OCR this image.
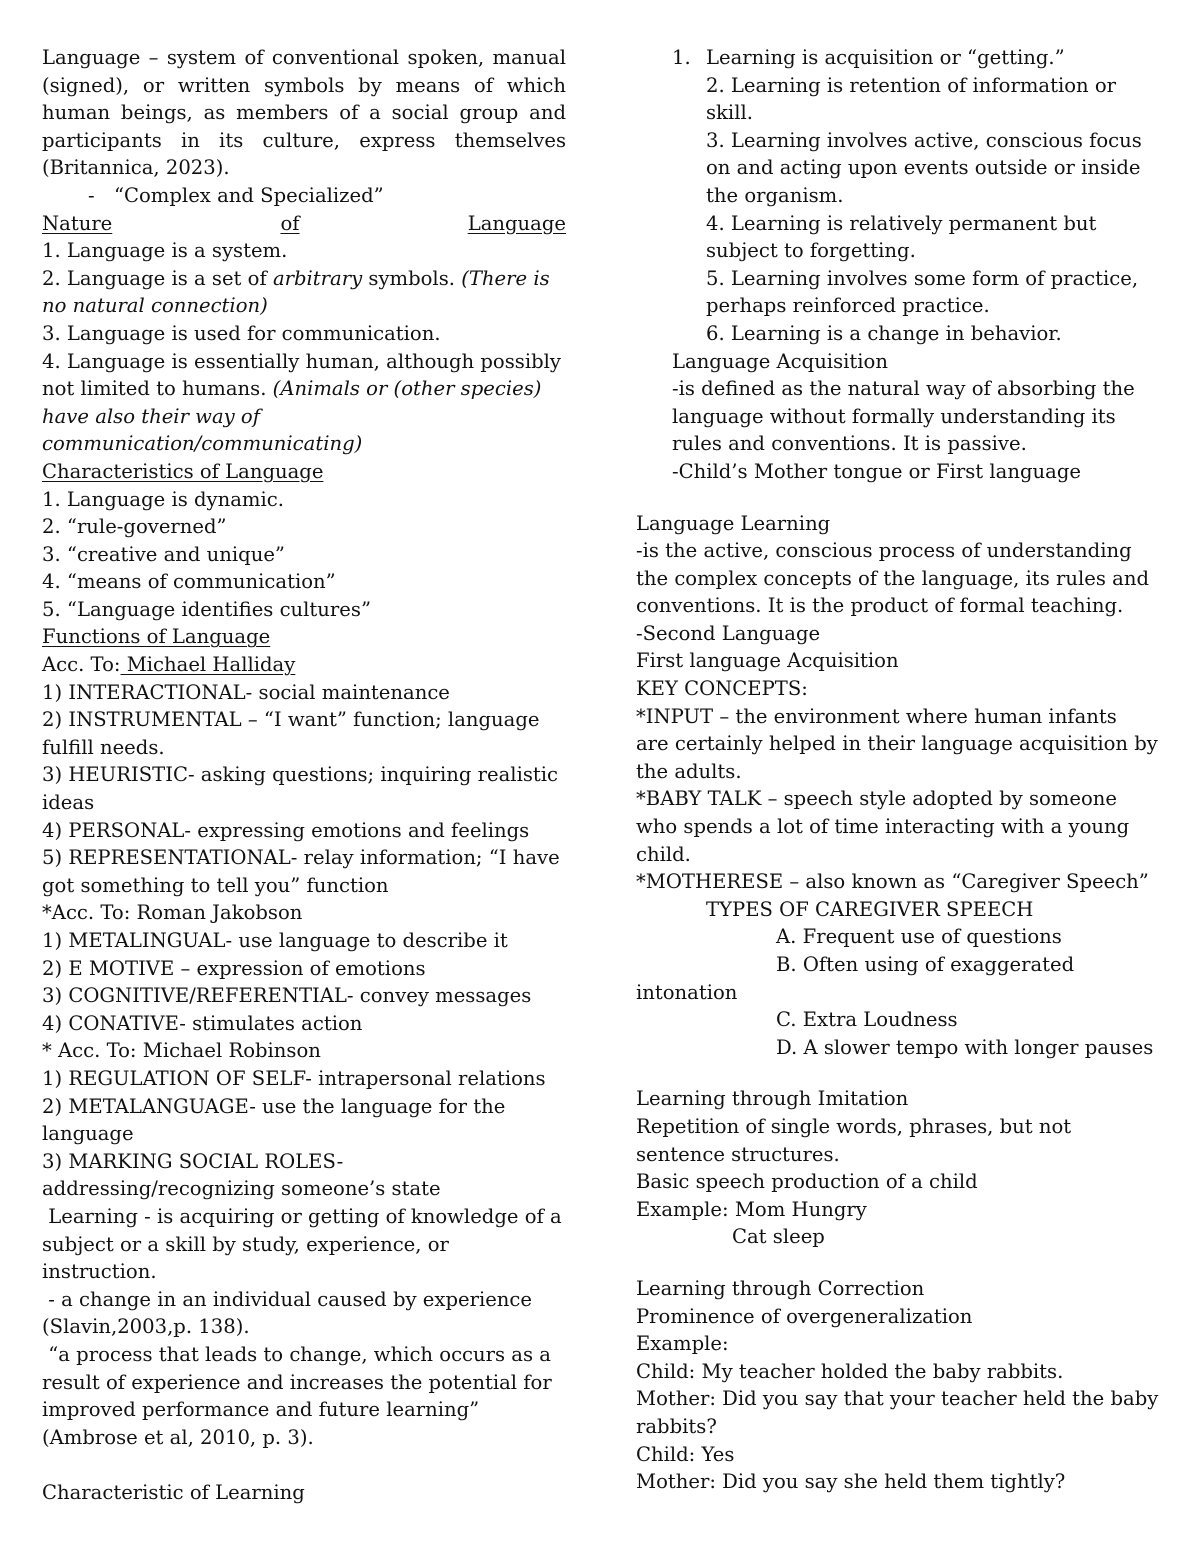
Language – system of conventional spoken, manual
(signed), or written symbols by means of which
human beings, as members of a social group and
participants in its culture, express themselves
(Britannica, 2023).
- “Complex and Specialized”
Nature	of	Language
1. Language is a system.
2. Language is a set of arbitrary symbols. (There is
no natural connection)
3. Language is used for communication.
4. Language is essentially human, although possibly
not limited to humans. (Animals or (other species)
have also their way of
communication/communicating)
Characteristics of Language
1. Language is dynamic.
2. “rule-governed”
3. “creative and unique”
4. “means of communication”
5. “Language identifies cultures”
Functions of Language
Acc. To: Michael Halliday
1) INTERACTIONAL- social maintenance
2) INSTRUMENTAL – “I want” function; language
fulfill needs.
3) HEURISTIC- asking questions; inquiring realistic
ideas
4) PERSONAL- expressing emotions and feelings
5) REPRESENTATIONAL- relay information; “I have
got something to tell you” function
*Acc. To: Roman Jakobson
1) METALINGUAL- use language to describe it
2) E MOTIVE – expression of emotions
3) COGNITIVE/REFERENTIAL- convey messages
4) CONATIVE- stimulates action
* Acc. To: Michael Robinson
1) REGULATION OF SELF- intrapersonal relations
2) METALANGUAGE- use the language for the
language
3) MARKING SOCIAL ROLES-
addressing/recognizing someone’s state
Learning - is acquiring or getting of knowledge of a
subject or a skill by study, experience, or
instruction.
- a change in an individual caused by experience
(Slavin,2003,p. 138).
“a process that leads to change, which occurs as a
result of experience and increases the potential for
improved performance and future learning”
(Ambrose et al, 2010, p. 3).
Characteristic of Learning
1. Learning is acquisition or “getting.”
2. Learning is retention of information or
skill.
3. Learning involves active, conscious focus
on and acting upon events outside or inside
the organism.
4. Learning is relatively permanent but
subject to forgetting.
5. Learning involves some form of practice,
perhaps reinforced practice.
6. Learning is a change in behavior.
Language Acquisition
-is defined as the natural way of absorbing the
language without formally understanding its
rules and conventions. It is passive.
-Child’s Mother tongue or First language
Language Learning
-is the active, conscious process of understanding
the complex concepts of the language, its rules and
conventions. It is the product of formal teaching.
-Second Language
First language Acquisition
KEY CONCEPTS:
*INPUT – the environment where human infants
are certainly helped in their language acquisition by
the adults.
*BABY TALK – speech style adopted by someone
who spends a lot of time interacting with a young
child.
*MOTHERESE – also known as “Caregiver Speech”
TYPES OF CAREGIVER SPEECH
A. Frequent use of questions
B. Often using of exaggerated
intonation
C. Extra Loudness
D. A slower tempo with longer pauses
Learning through Imitation
Repetition of single words, phrases, but not
sentence structures.
Basic speech production of a child
Example: Mom Hungry
Cat sleep
Learning through Correction
Prominence of overgeneralization
Example:
Child: My teacher holded the baby rabbits.
Mother: Did you say that your teacher held the baby
rabbits?
Child: Yes
Mother: Did you say she held them tightly?
